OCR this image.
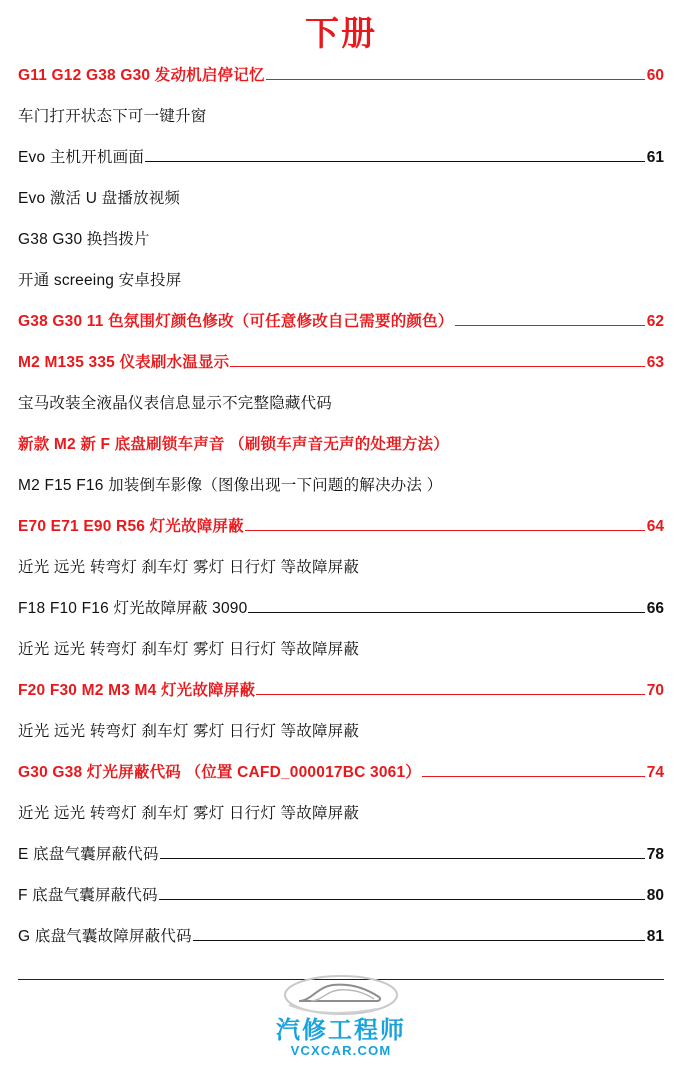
下册
G11 G12 G38 G30 发动机启停记忆	60
车门打开状态下可一键升窗
Evo 主机开机画面	61
Evo 激活 U 盘播放视频
G38 G30 换挡拨片
开通 screeing 安卓投屏
G38 G30 11 色氛围灯颜色修改（可任意修改自己需要的颜色）	62
M2 M135 335 仪表刷水温显示	63
宝马改装全液晶仪表信息显示不完整隐藏代码
新款 M2 新 F 底盘刷锁车声音 （刷锁车声音无声的处理方法）
M2 F15 F16 加装倒车影像（图像出现一下问题的解决办法 ）
E70 E71 E90 R56 灯光故障屏蔽	64
近光 远光 转弯灯 刹车灯 雾灯 日行灯 等故障屏蔽
F18 F10 F16 灯光故障屏蔽 3090	66
近光 远光 转弯灯 刹车灯 雾灯 日行灯 等故障屏蔽
F20 F30 M2 M3 M4 灯光故障屏蔽	70
近光 远光 转弯灯 刹车灯 雾灯 日行灯 等故障屏蔽
G30 G38 灯光屏蔽代码 （位置 CAFD_000017BC 3061）	74
近光 远光 转弯灯 刹车灯 雾灯 日行灯 等故障屏蔽
E 底盘气囊屏蔽代码	78
F 底盘气囊屏蔽代码	80
G 底盘气囊故障屏蔽代码	81
汽修工程师
VCXCAR.COM
